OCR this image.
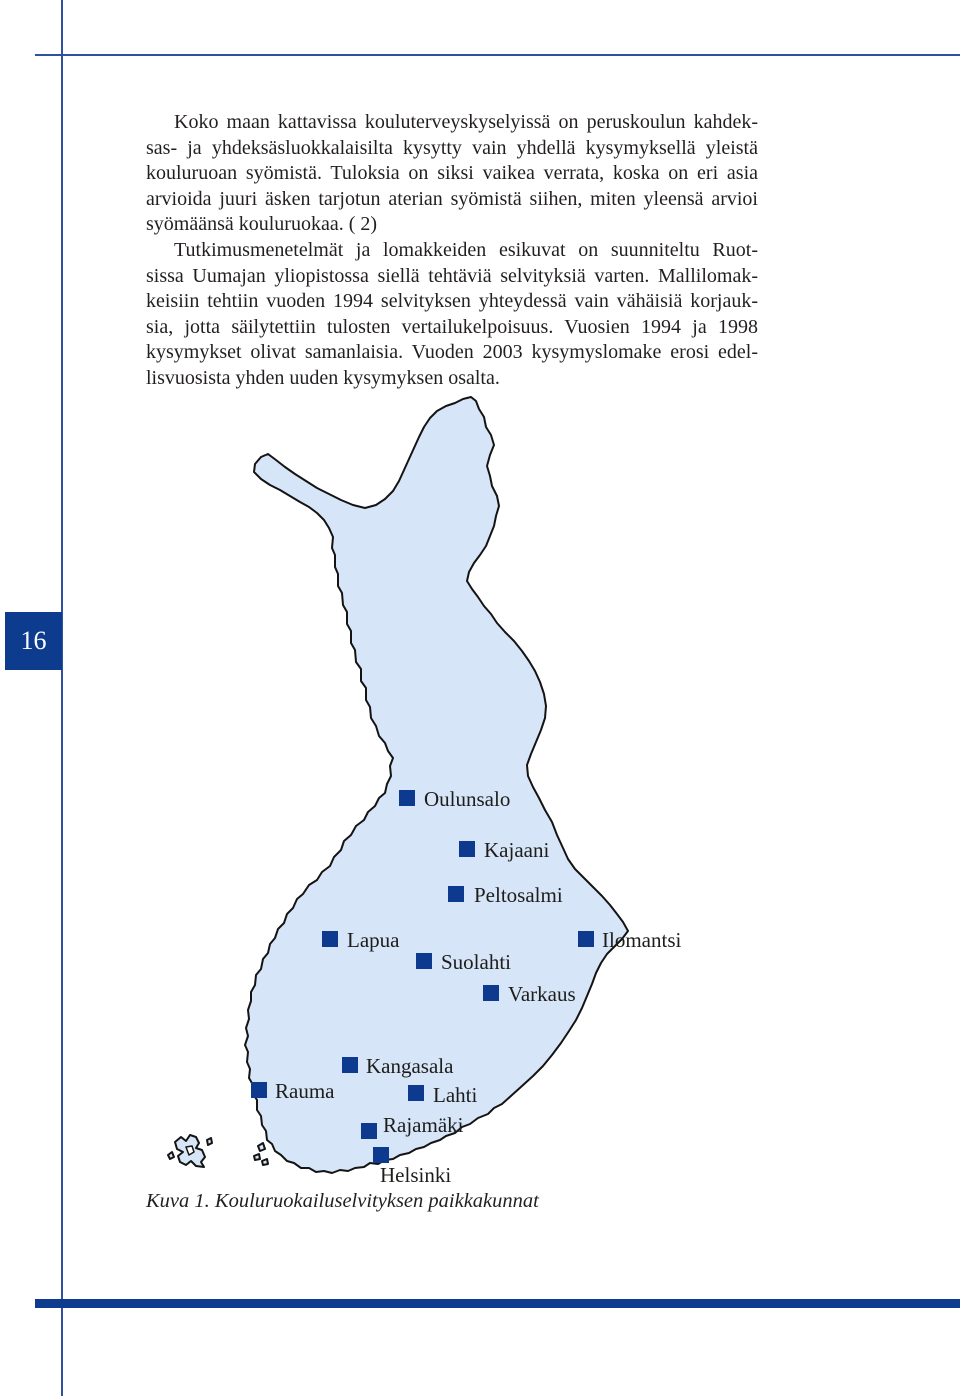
16
Koko maan kattavissa kouluterveyskyselyissä on peruskoulun kahdek-
sas- ja yhdeksäsluokkalaisilta kysytty vain yhdellä kysymyksellä yleistä
kouluruoan syömistä. Tuloksia on siksi vaikea verrata, koska on eri asia
arvioida juuri äsken tarjotun aterian syömistä siihen, miten yleensä arvioi
syömäänsä kouluruokaa. ( 2)
Tutkimusmenetelmät ja lomakkeiden esikuvat on suunniteltu Ruot-
sissa Uumajan yliopistossa siellä tehtäviä selvityksiä varten. Mallilomak-
keisiin tehtiin vuoden 1994 selvityksen yhteydessä vain vähäisiä korjauk-
sia, jotta säilytettiin tulosten vertailukelpoisuus. Vuosien 1994 ja 1998
kysymykset olivat samanlaisia. Vuoden 2003 kysymyslomake erosi edel-
lisvuosista yhden uuden kysymyksen osalta.
Oulunsalo
Kajaani
Peltosalmi
Lapua	Ilomantsi
Suolahti
Varkaus
Kangasala
Rauma	Lahti
Rajamäki
Helsinki
Kuva 1. Kouluruokailuselvityksen paikkakunnat
